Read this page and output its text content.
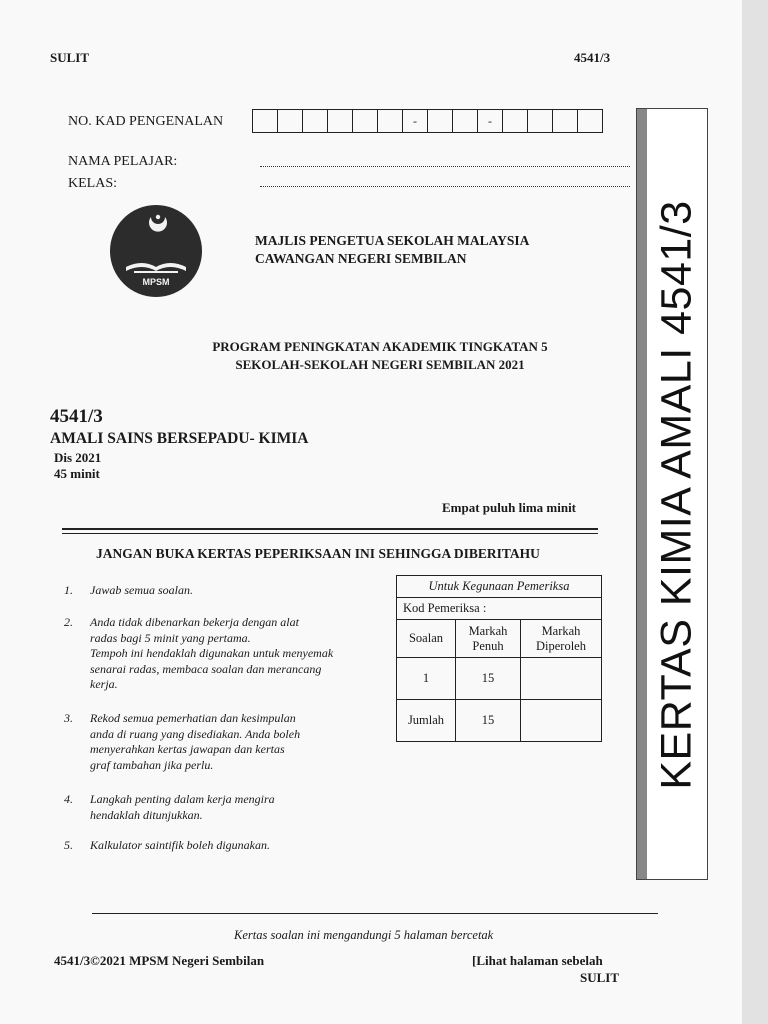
SULIT	4541/3
NO. KAD PENGENALAN
							-			-				
NAMA PELAJAR:
KELAS:
MPSM
MAJLIS PENGETUA SEKOLAH MALAYSIA
CAWANGAN NEGERI SEMBILAN
PROGRAM PENINGKATAN AKADEMIK TINGKATAN 5
SEKOLAH-SEKOLAH NEGERI SEMBILAN 2021
4541/3
AMALI SAINS BERSEPADU- KIMIA
Dis 2021
45 minit
Empat puluh lima minit
JANGAN BUKA KERTAS PEPERIKSAAN INI SEHINGGA DIBERITAHU
1. Jawab semua soalan.
2. Anda tidak dibenarkan bekerja dengan alat
radas bagi 5 minit yang pertama.
Tempoh ini hendaklah digunakan untuk menyemak
senarai radas, membaca soalan dan merancang
kerja.
3. Rekod semua pemerhatian dan kesimpulan
anda di ruang yang disediakan. Anda boleh
menyerahkan kertas jawapan dan kertas
graf tambahan jika perlu.
4. Langkah penting dalam kerja mengira
hendaklah ditunjukkan.
5. Kalkulator saintifik boleh digunakan.
Untuk Kegunaan Pemeriksa		
Kod Pemeriksa :		
Soalan	Markah Penuh	Markah Diperoleh
1	15	
Jumlah	15		KERTAS KIMIA AMALI 4541/3
Kertas soalan ini mengandungi 5 halaman bercetak
4541/3©2021 MPSM Negeri Sembilan	[Lihat halaman sebelah
SULIT
